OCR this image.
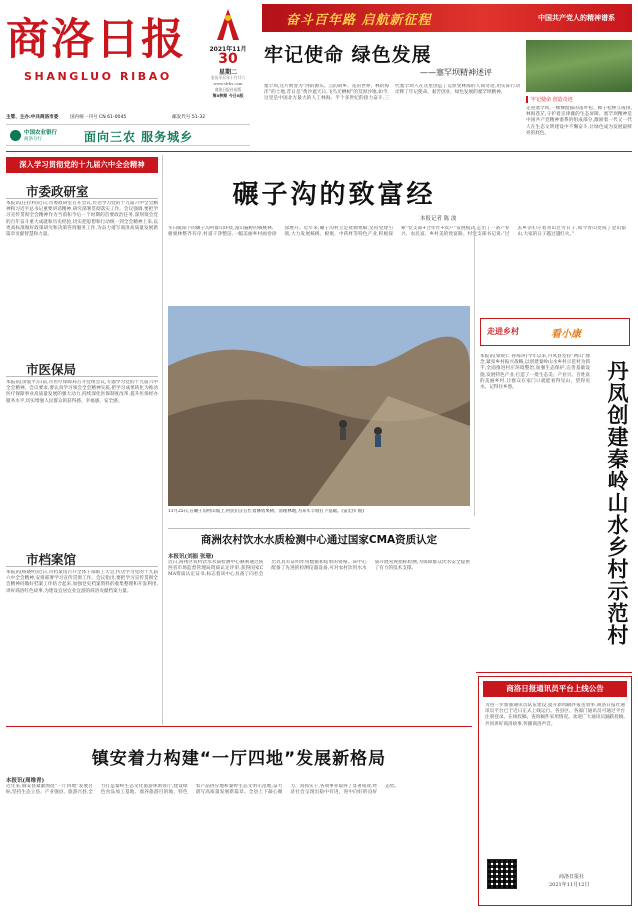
商洛日报
SHANGLUO RIBAO
2021年11月
30
星期二
农历辛丑年十月廿六
www.slrbs.com
商洛日报社出版
第8种期 今日8版
主管、主办:中共商洛市委	国内统一刊号 CN 61-0045	邮发代号 51-32
中国农业银行
商洛分行	面向三农 服务城乡
奋斗百年路 启航新征程	中国共产党人的精神谱系
牢记使命 绿色发展
——塞罕坝精神述评
塞罕坝,这片被誉为“河的源头、云的故乡、花的世界、林的海洋”的土地,昔日是“黄沙遮天日,飞鸟无栖树”的荒原沙地,如今,这里是中国北方最大的人工林海。半个多世纪的接力奋斗,三代塞罕坝人在这里创造了荒原变林海的人间奇迹,用实际行动诠释了牢记使命、艰苦创业、绿色发展的塞罕坝精神。
牢记使命 创造奇迹
走进塞罕坝,一棵棵挺拔的落叶松、樟子松林立成排,林海苍茫,守护着京津冀的生态屏障。塞罕坝精神是中国共产党精神谱系的组成部分,激励着一代又一代人在生态文明建设中不懈奋斗,让绿色成为发展最鲜亮的底色。
深入学习贯彻党的十九届六中全会精神
市委政研室
本报讯(任拉利)近日,市委政研室召开会议,传达学习党的十九届六中全会精神和习近平总书记重要讲话精神,研究部署贯彻落实工作。会议强调,要把学习宣传贯彻全会精神作为当前和今后一个时期的首要政治任务,深刻领会党的百年奋斗重大成就和历史经验,切实把思想和行动统一到全会精神上来,以更高标准做好政策研究和决策咨询服务工作,为奋力谱写商洛高质量发展新篇章贡献智慧和力量。
市医保局
本报讯(余爱平)日前,市医疗保障局召开党组会议,专题学习党的十九届六中全会精神。会议要求,要认真学习领会全会精神实质,把学习成果转化为推动医疗保障事业高质量发展的强大动力,持续深化医保制度改革,提升医保经办服务水平,切实增强人民群众的获得感、幸福感、安全感。
市档案馆
本报讯(杨晓明)近日,市档案馆召开全体干部职工大会,传达学习党的十九届六中全会精神,安排部署学习宣传贯彻工作。会议指出,要把学习宣传贯彻全会精神同做好档案工作结合起来,加强党史档案资料的收集整理和开发利用,讲好商洛红色故事,为建设宜居宜业宜游的商洛贡献档案力量。
碾子沟的致富经
本报记者 陈 波
冬日暖阳下的碾子沟村群山环绕,漫山遍野的核桃林、板栗林整齐有序,村道干净整洁,一幅美丽乡村画卷徐徐展开。近年来,碾子沟村立足资源禀赋,坚持党建引领,大力发展核桃、板栗、中药材等特色产业,积极探索“党支部+合作社+农户”发展模式,走出了一条产业兴、农民富、乡村美的致富路。村党支部书记说:“过去乡亲们守着青山过穷日子,如今青山变成了金山银山,大家的日子越过越红火。”
11月25日,在碾子沟村山坡上,村民们正在忙着修剪果树、清理林地,为来年丰收打下基础。(雷宏伟 摄)
走进乡村	看小康
丹凤创建秦岭山水乡村示范村
本报讯(梁锐仁 孙海涛)今年以来,丹凤县坚持“两山”理念,紧扣乡村振兴战略,以创建秦岭山水乡村示范村为抓手,全面推进村庄环境整治,加强生态保护,完善基础设施,发展特色产业,打造了一批生态美、产业兴、百姓富的美丽乡村,让群众在家门口就能看得见山、望得见水、记得住乡愁。
商洲农村饮水水质检测中心通过国家CMA资质认定
本报讯(刘振 张珊)
近日,商州区农村饮水水质检测中心顺利通过陕西省市场监督管理局资质认定评审,获得国家CMA资质认定证书,标志着该中心具备了向社会出具具有证明作用数据和结果的资格。该中心配备了先进的检测仪器设备,可对农村饮用水水质开展常规指标检测,为保障群众饮水安全提供了有力的技术支撑。
商洛日报通讯员平台上线公告
为进一步加强通讯员队伍建设,提升新闻稿件报送效率,商洛日报社通讯员平台已于近日正式上线运行。各县区、各部门通讯员可通过平台注册登录、在线投稿、查询稿件采用情况。欢迎广大通讯员踊跃投稿,共同讲好商洛故事,传播商洛声音。
商洛日报社
2021年11月12日
镇安着力构建“一厅四地”发展新格局
本报讯(周维青)
近年来,镇安县紧紧围绕“一厅四地”发展目标,坚持生态立县、产业强县、旅游兴县,全力打造秦岭生态文化旅游休闲客厅,建设绿色食品加工基地、康养旅游目的地、特色农产品供应地和秦岭生态文明示范地,奋力谱写高质量发展新篇章。全县上下凝心聚力、真抓实干,各项事业取得了显著成效,经济社会呈现出稳中有进、进中向好的良好态势。
